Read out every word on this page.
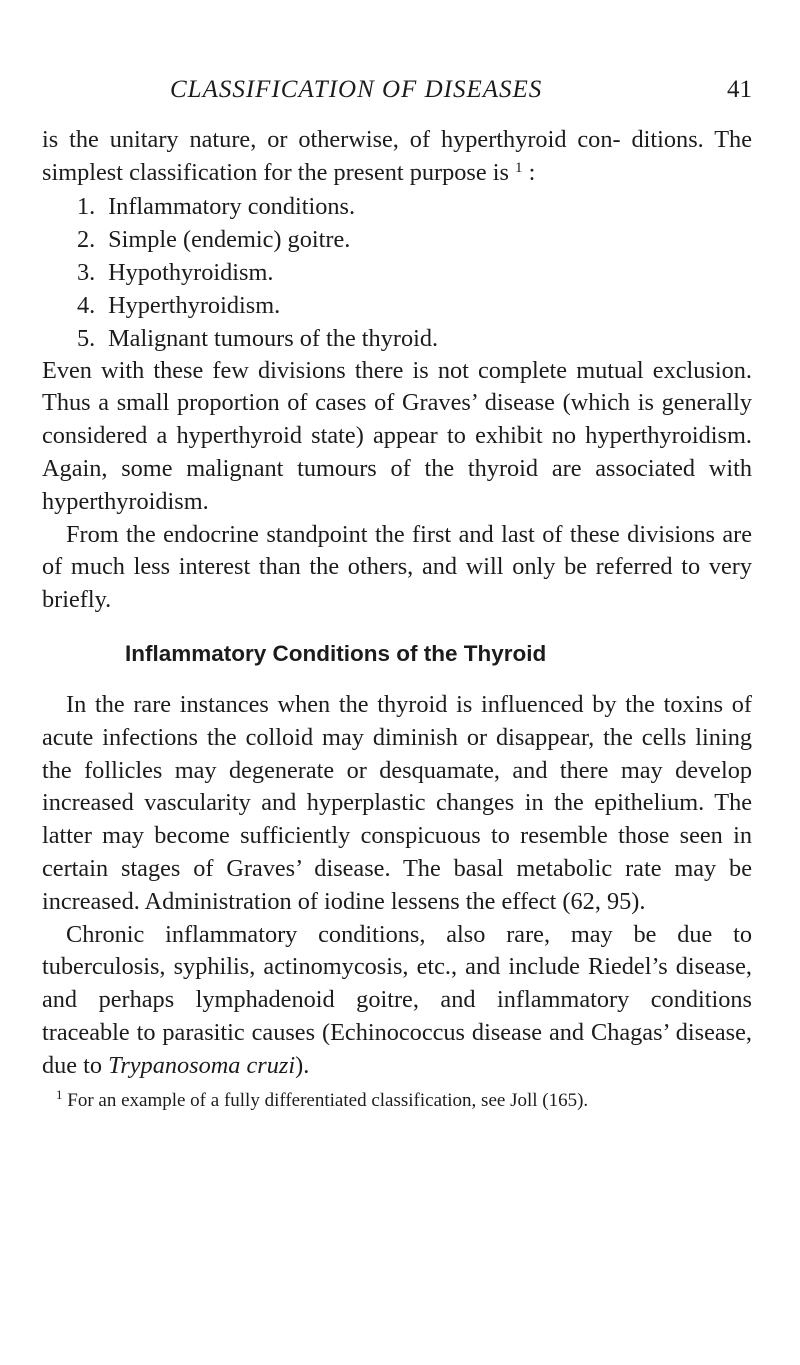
CLASSIFICATION OF DISEASES	41

is the unitary nature, or otherwise, of hyperthyroid con- ditions. The simplest classification for the present purpose is $^1$ :

1. Inflammatory conditions.
2. Simple (endemic) goitre.
3. Hypothyroidism.
4. Hyperthyroidism.
5. Malignant tumours of the thyroid.

Even with these few divisions there is not complete mutual exclusion. Thus a small proportion of cases of Graves’ disease (which is generally considered a hyperthyroid state) appear to exhibit no hyperthyroidism. Again, some malignant tumours of the thyroid are associated with hyperthyroidism.

From the endocrine standpoint the first and last of these divisions are of much less interest than the others, and will only be referred to very briefly.

Inflammatory Conditions of the Thyroid

In the rare instances when the thyroid is influenced by the toxins of acute infections the colloid may diminish or disappear, the cells lining the follicles may degenerate or desquamate, and there may develop increased vascularity and hyperplastic changes in the epithelium. The latter may become sufficiently conspicuous to resemble those seen in certain stages of Graves’ disease. The basal metabolic rate may be increased. Administration of iodine lessens the effect (62, 95).

Chronic inflammatory conditions, also rare, may be due to tuberculosis, syphilis, actinomycosis, etc., and include Riedel’s disease, and perhaps lymphadenoid goitre, and inflammatory conditions traceable to parasitic causes (Echinococcus disease and Chagas’ disease, due to Trypanosoma cruzi).

$^1$ For an example of a fully differentiated classification, see Joll (165).
